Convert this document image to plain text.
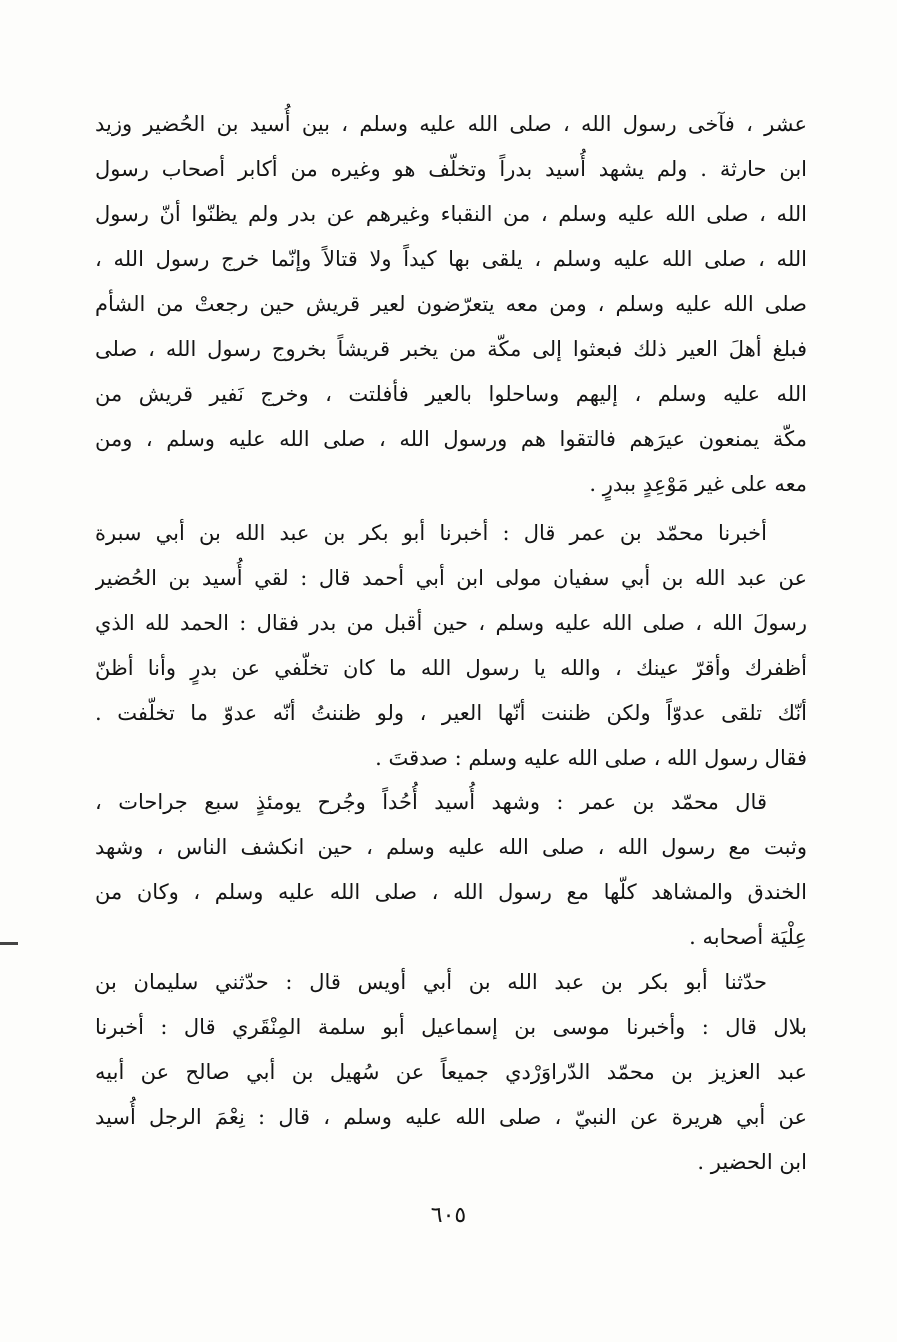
عشر ، فآخى رسول الله ، صلى الله عليه وسلم ، بين أُسيد بن الحُضير وزيد
ابن حارثة . ولم يشهد أُسيد بدراً وتخلّف هو وغيره من أكابر أصحاب رسول
الله ، صلى الله عليه وسلم ، من النقباء وغيرهم عن بدر ولم يظنّوا أنّ رسول
الله ، صلى الله عليه وسلم ، يلقى بها كيداً ولا قتالاً وإنّما خرج رسول الله ،
صلى الله عليه وسلم ، ومن معه يتعرّضون لعير قريش حين رجعتْ من الشأم
فبلغ أهلَ العير ذلك فبعثوا إلى مكّة من يخبر قريشاً بخروج رسول الله ، صلى
الله عليه وسلم ، إليهم وساحلوا بالعير فأفلتت ، وخرج نَفير قريش من
مكّة يمنعون عيرَهم فالتقوا هم ورسول الله ، صلى الله عليه وسلم ، ومن
معه على غير مَوْعِدٍ ببدرٍ .
أخبرنا محمّد بن عمر قال : أخبرنا أبو بكر بن عبد الله بن أبي سبرة
عن عبد الله بن أبي سفيان مولى ابن أبي أحمد قال : لقي أُسيد بن الحُضير
رسولَ الله ، صلى الله عليه وسلم ، حين أقبل من بدر فقال : الحمد لله الذي
أظفرك وأقرّ عينك ، والله يا رسول الله ما كان تخلّفي عن بدرٍ وأنا أظنّ
أنّك تلقى عدوّاً ولكن ظننت أنّها العير ، ولو ظننتُ أنّه عدوّ ما تخلّفت .
فقال رسول الله ، صلى الله عليه وسلم : صدقتَ .
قال محمّد بن عمر : وشهد أُسيد أُحُداً وجُرح يومئذٍ سبع جراحات ،
وثبت مع رسول الله ، صلى الله عليه وسلم ، حين انكشف الناس ، وشهد
الخندق والمشاهد كلّها مع رسول الله ، صلى الله عليه وسلم ، وكان من
عِلْيَة أصحابه .
حدّثنا أبو بكر بن عبد الله بن أبي أويس قال : حدّثني سليمان بن
بلال قال : وأخبرنا موسى بن إسماعيل أبو سلمة المِنْقَري قال : أخبرنا
عبد العزيز بن محمّد الدّراوَرْدي جميعاً عن سُهيل بن أبي صالح عن أبيه
عن أبي هريرة عن النبيّ ، صلى الله عليه وسلم ، قال : نِعْمَ الرجل أُسيد
ابن الحضير .
٦٠٥
